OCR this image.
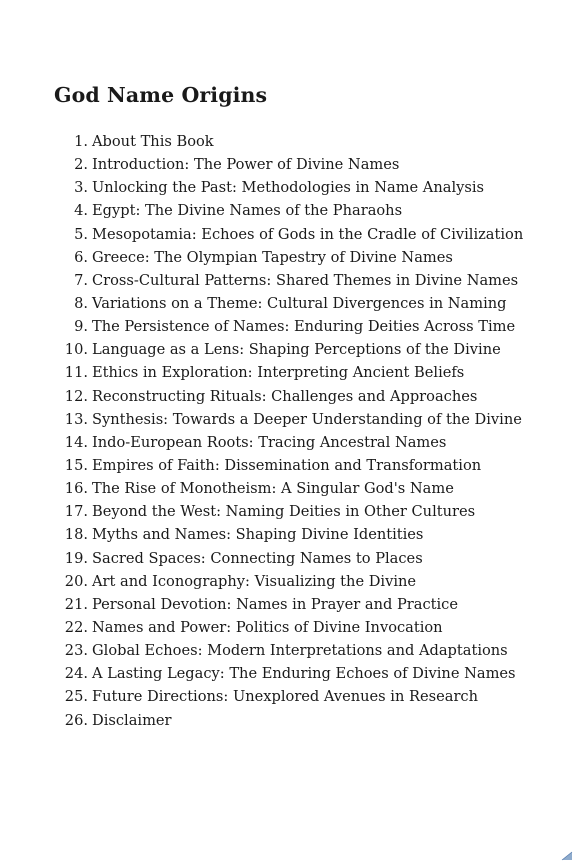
God Name Origins
1. About This Book
2. Introduction: The Power of Divine Names
3. Unlocking the Past: Methodologies in Name Analysis
4. Egypt: The Divine Names of the Pharaohs
5. Mesopotamia: Echoes of Gods in the Cradle of Civilization
6. Greece: The Olympian Tapestry of Divine Names
7. Cross-Cultural Patterns: Shared Themes in Divine Names
8. Variations on a Theme: Cultural Divergences in Naming
9. The Persistence of Names: Enduring Deities Across Time
10. Language as a Lens: Shaping Perceptions of the Divine
11. Ethics in Exploration: Interpreting Ancient Beliefs
12. Reconstructing Rituals: Challenges and Approaches
13. Synthesis: Towards a Deeper Understanding of the Divine
14. Indo-European Roots: Tracing Ancestral Names
15. Empires of Faith: Dissemination and Transformation
16. The Rise of Monotheism: A Singular God's Name
17. Beyond the West: Naming Deities in Other Cultures
18. Myths and Names: Shaping Divine Identities
19. Sacred Spaces: Connecting Names to Places
20. Art and Iconography: Visualizing the Divine
21. Personal Devotion: Names in Prayer and Practice
22. Names and Power: Politics of Divine Invocation
23. Global Echoes: Modern Interpretations and Adaptations
24. A Lasting Legacy: The Enduring Echoes of Divine Names
25. Future Directions: Unexplored Avenues in Research
26. Disclaimer
